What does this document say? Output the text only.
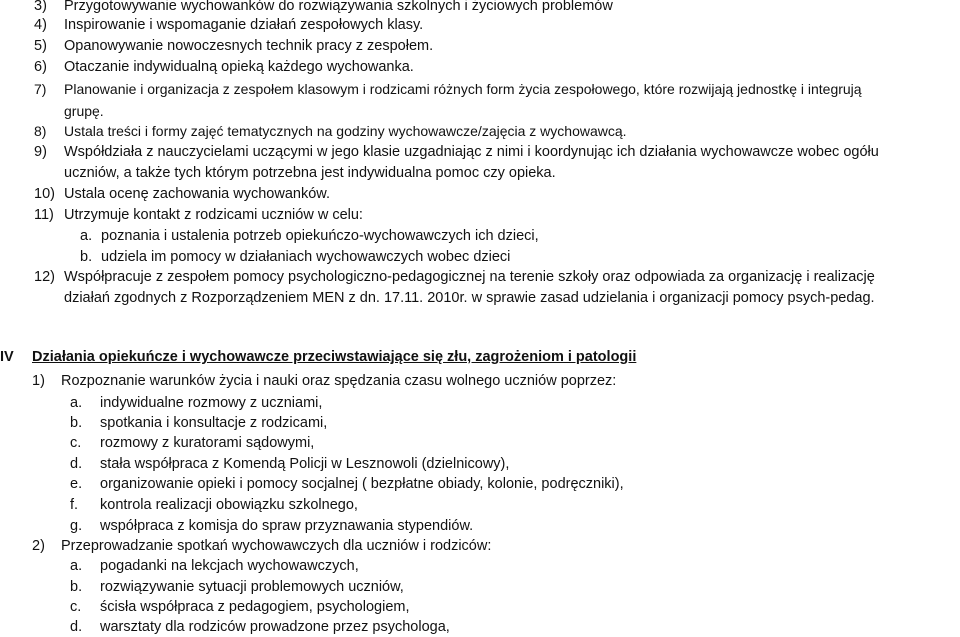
3) Przygotowywanie wychowanków do rozwiązywania szkolnych i życiowych problemów
4) Inspirowanie i wspomaganie działań zespołowych klasy.
5) Opanowywanie nowoczesnych technik pracy z zespołem.
6) Otaczanie indywidualną opieką każdego wychowanka.
7) Planowanie i organizacja z zespołem klasowym i rodzicami różnych form życia zespołowego, które rozwijają jednostkę i integrują
grupę.
8) Ustala treści i formy zajęć tematycznych na godziny wychowawcze/zajęcia z wychowawcą.
9) Współdziała z nauczycielami uczącymi w jego klasie uzgadniając z nimi i koordynując ich działania wychowawcze wobec ogółu
uczniów, a także tych którym potrzebna jest indywidualna pomoc czy opieka.
10) Ustala ocenę zachowania wychowanków.
11) Utrzymuje kontakt z rodzicami uczniów w celu:
a. poznania i ustalenia potrzeb opiekuńczo-wychowawczych ich dzieci,
b. udziela im pomocy w działaniach wychowawczych wobec dzieci
12) Współpracuje z zespołem pomocy psychologiczno-pedagogicznej na terenie szkoły oraz odpowiada za organizację i realizację
działań zgodnych z Rozporządzeniem MEN z dn. 17.11. 2010r. w sprawie zasad udzielania i organizacji pomocy psych-pedag.
IV Działania opiekuńcze i wychowawcze przeciwstawiające się złu, zagrożeniom i patologii
1) Rozpoznanie warunków życia i nauki oraz spędzania czasu wolnego uczniów poprzez:
a. indywidualne rozmowy z uczniami,
b. spotkania i konsultacje z rodzicami,
c. rozmowy z kuratorami sądowymi,
d. stała współpraca z Komendą Policji w Lesznowoli (dzielnicowy),
e. organizowanie opieki i pomocy socjalnej ( bezpłatne obiady, kolonie, podręczniki),
f. kontrola realizacji obowiązku szkolnego,
g. współpraca z komisja do spraw przyznawania stypendiów.
2) Przeprowadzanie spotkań wychowawczych dla uczniów i rodziców:
a. pogadanki na lekcjach wychowawczych,
b. rozwiązywanie sytuacji problemowych uczniów,
c. ścisła współpraca z pedagogiem, psychologiem,
d. warsztaty dla rodziców prowadzone przez psychologa,
